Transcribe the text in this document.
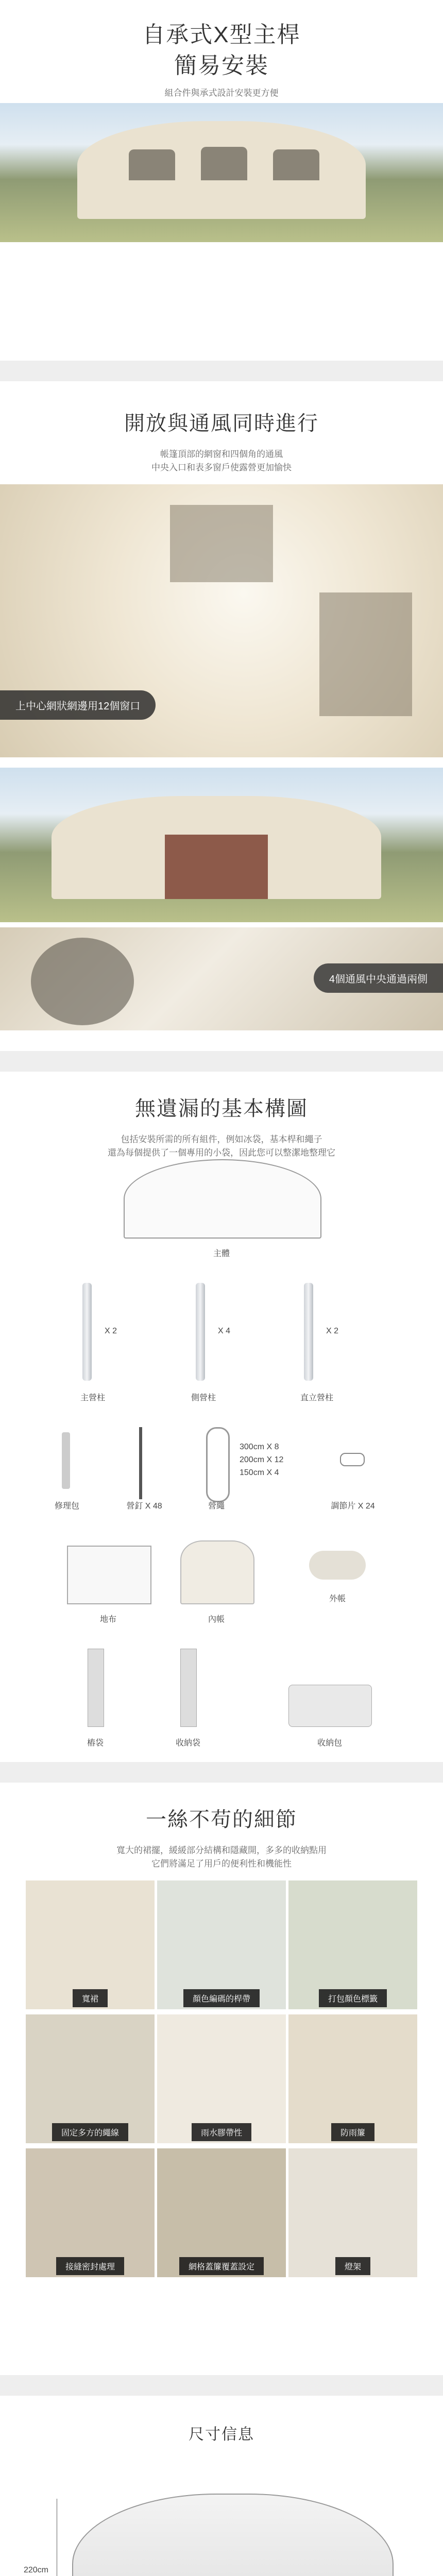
自承式X型主桿
簡易安裝
組合件與承式設計安裝更方便
開放與通風同時進行
帳篷頂部的網窗和四個角的通風
中央入口和表多窗戶使露營更加愉快
上中心網狀網邊用12個窗口
4個通風中央通過兩側
無遺漏的基本構圖
包括安裝所需的所有組件，例如冰袋，基本桿和繩子
還為每個提供了一個專用的小袋，因此您可以整潔地整理它
主體
X 2
主營柱
X 4
側營柱
X 2
直立營柱
修理包	營釘 X 48	營繩
300cm X 8
200cm X 12
150cm X 4
調節片 X 24
地布	內帳
外帳
樁袋	收納袋	收納包
一絲不苟的細節
寬大的裙擺，緩緩部分結構和隱藏開，多多的收納點用
它們將滿足了用戶的便利性和機能性
寬裙	顏色編碼的桿帶	打包顏色標籤
固定多方的繩線	雨水膠帶性	防雨簾
接縫密封處理	網格蓋簾覆蓋設定	燈架
尺寸信息
220cm
